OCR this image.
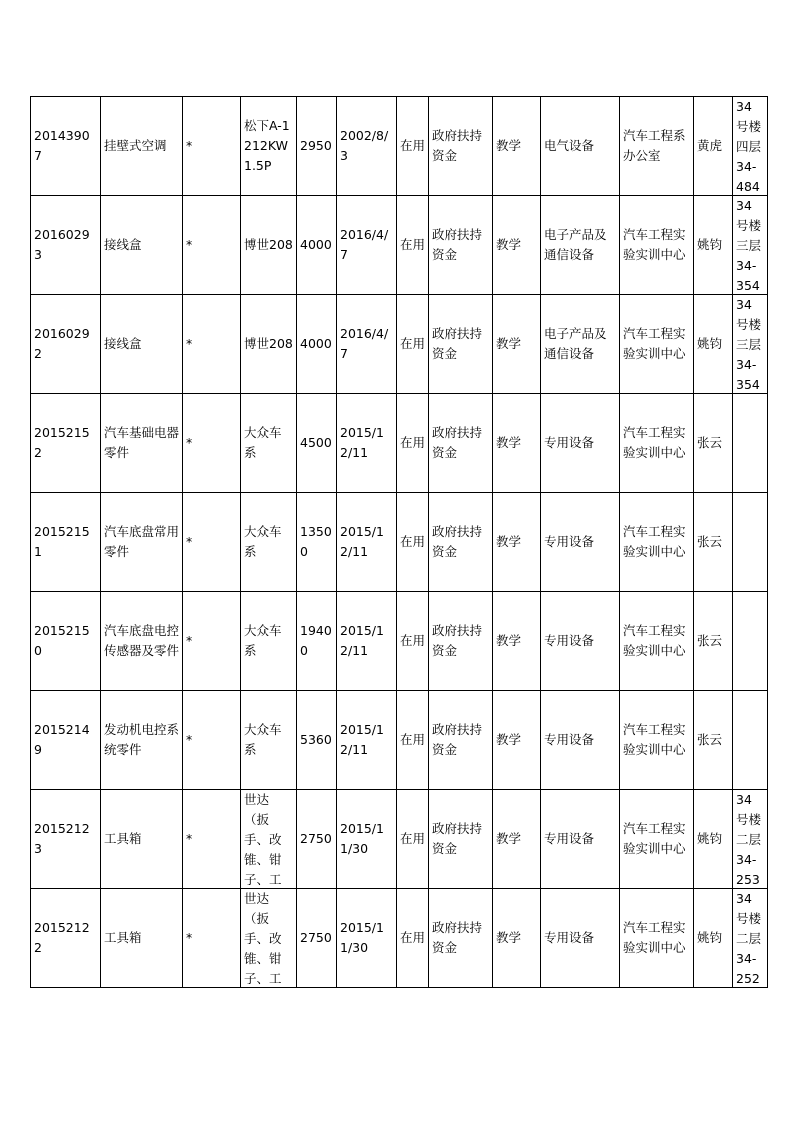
20143907	挂壁式空调	*	松下A-1212KW 1.5P	2950	2002/8/3	在用	政府扶持资金	教学	电气设备	汽车工程系办公室	黄虎	34号楼四层34-484

20160293	接线盒	*	博世208	4000	2016/4/7	在用	政府扶持资金	教学	电子产品及通信设备	汽车工程实验实训中心	姚钧	34号楼三层34-354

20160292	接线盒	*	博世208	4000	2016/4/7	在用	政府扶持资金	教学	电子产品及通信设备	汽车工程实验实训中心	姚钧	34号楼三层34-354

20152152	汽车基础电器零件	*	大众车系	4500	2015/12/11	在用	政府扶持资金	教学	专用设备	汽车工程实验实训中心	张云	

20152151	汽车底盘常用零件	*	大众车系	13500	2015/12/11	在用	政府扶持资金	教学	专用设备	汽车工程实验实训中心	张云	

20152150	汽车底盘电控传感器及零件	*	大众车系	19400	2015/12/11	在用	政府扶持资金	教学	专用设备	汽车工程实验实训中心	张云	

20152149	发动机电控系统零件	*	大众车系	5360	2015/12/11	在用	政府扶持资金	教学	专用设备	汽车工程实验实训中心	张云	

20152123	工具箱	*	世达（扳手、改锥、钳子、工	2750	2015/11/30	在用	政府扶持资金	教学	专用设备	汽车工程实验实训中心	姚钧	34号楼二层34-253

20152122	工具箱	*	世达（扳手、改锥、钳子、工	2750	2015/11/30	在用	政府扶持资金	教学	专用设备	汽车工程实验实训中心	姚钧	34号楼二层34-252
